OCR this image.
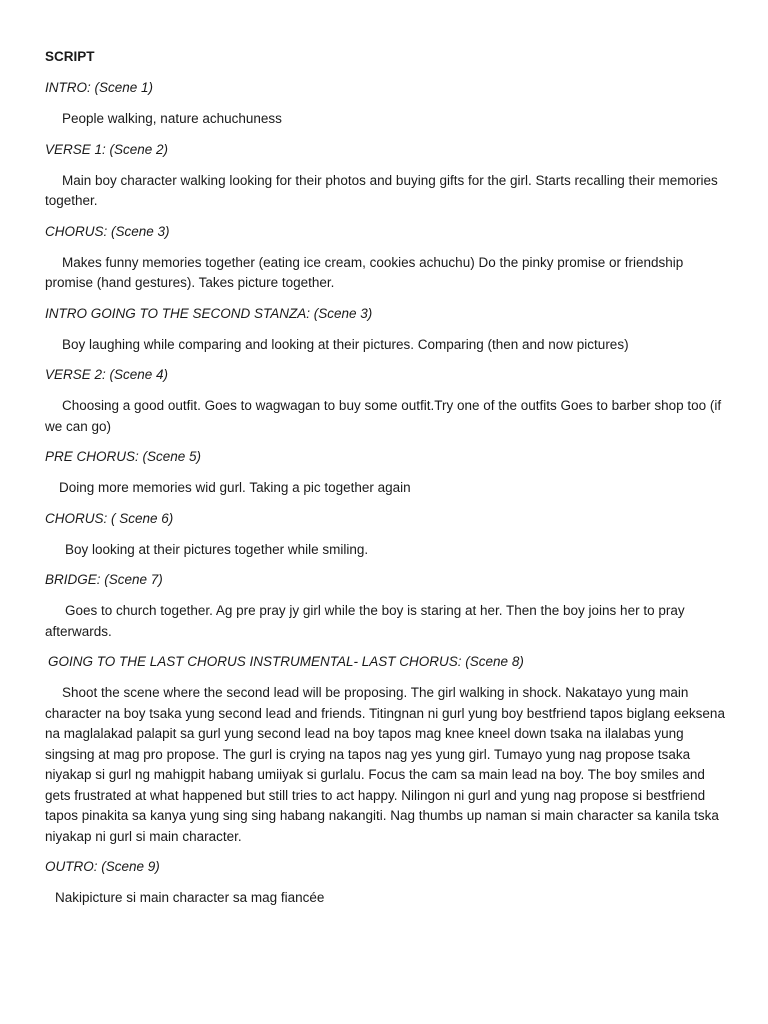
SCRIPT
INTRO: (Scene 1)
People walking, nature achuchuness
VERSE 1: (Scene 2)
Main boy character walking looking for their photos and buying gifts for the girl. Starts recalling their memories together.
CHORUS: (Scene 3)
Makes funny memories together (eating ice cream, cookies achuchu) Do the pinky promise or friendship promise (hand gestures). Takes picture together.
INTRO GOING TO THE SECOND STANZA: (Scene 3)
Boy laughing while comparing and looking at their pictures. Comparing (then and now pictures)
VERSE 2: (Scene 4)
Choosing a good outfit. Goes to wagwagan to buy some outfit.Try one of the outfits Goes to barber shop too (if we can go)
PRE CHORUS: (Scene 5)
Doing more memories wid gurl. Taking a pic together again
CHORUS: ( Scene 6)
Boy looking at their pictures together while smiling.
BRIDGE: (Scene 7)
Goes to church together. Ag pre pray jy girl while the boy is staring at her. Then the boy joins her to pray afterwards.
GOING TO THE LAST CHORUS INSTRUMENTAL- LAST CHORUS: (Scene 8)
Shoot the scene where the second lead will be proposing. The girl walking in shock. Nakatayo yung main character na boy tsaka yung second lead and friends. Titingnan ni gurl yung boy bestfriend tapos biglang eeksena na maglalakad palapit sa gurl yung second lead na boy tapos mag knee kneel down tsaka na ilalabas yung singsing at mag pro propose. The gurl is crying na tapos nag yes yung girl. Tumayo yung nag propose tsaka niyakap si gurl ng mahigpit habang umiiyak si gurlalu. Focus the cam sa main lead na boy. The boy smiles and gets frustrated at what happened but still tries to act happy. Nilingon ni gurl and yung nag propose si bestfriend tapos pinakita sa kanya yung sing sing habang nakangiti. Nag thumbs up naman si main character sa kanila tska niyakap ni gurl si main character.
OUTRO: (Scene 9)
Nakipicture si main character sa mag fiancée
